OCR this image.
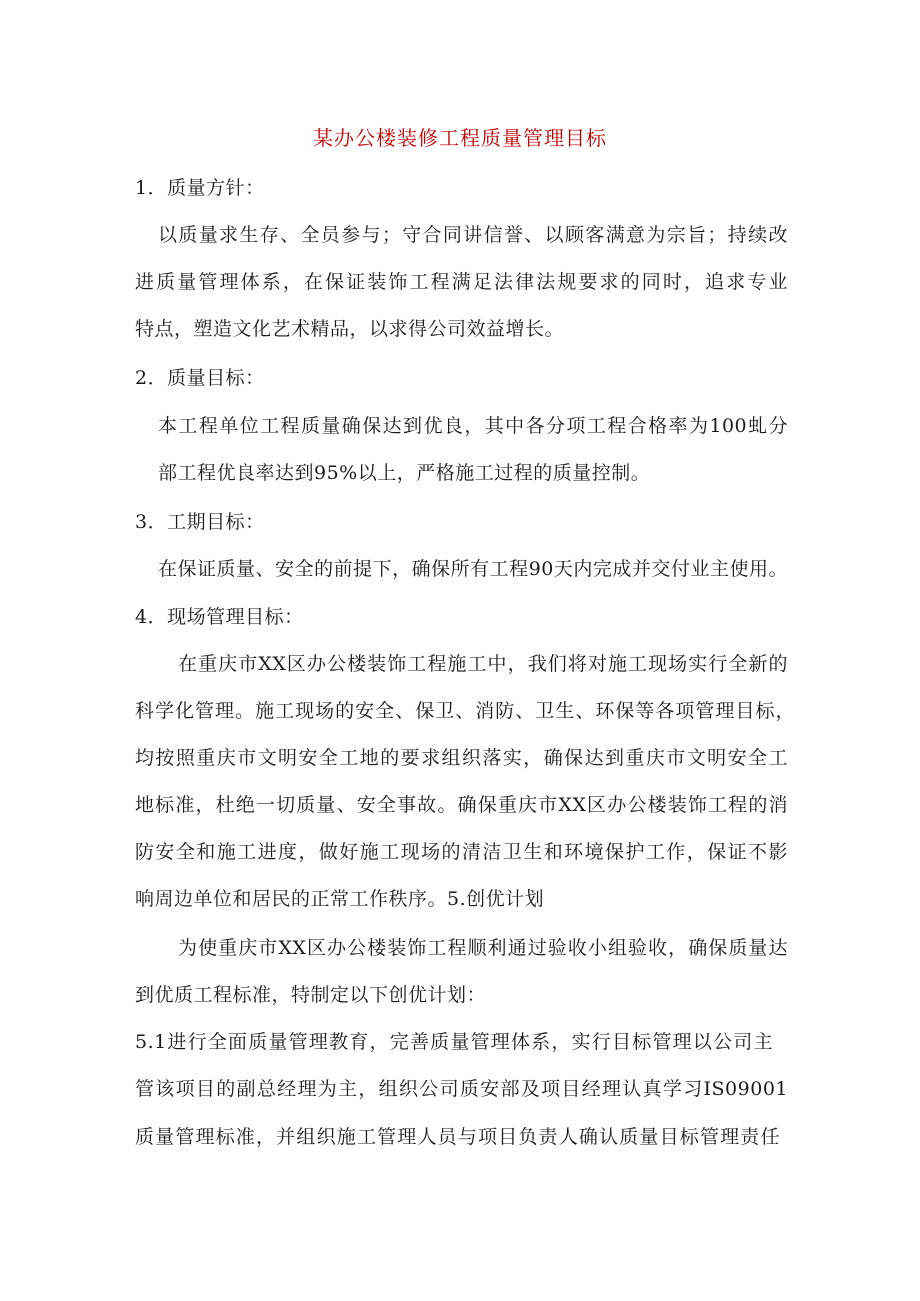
某办公楼装修工程质量管理目标
1．质量方针：
以质量求生存、全员参与；守合同讲信誉、以顾客满意为宗旨；持续改
进质量管理体系，在保证装饰工程满足法律法规要求的同时，追求专业
特点，塑造文化艺术精品，以求得公司效益增长。
2．质量目标：
本工程单位工程质量确保达到优良，其中各分项工程合格率为100虬分
部工程优良率达到95%以上，严格施工过程的质量控制。
3．工期目标：
在保证质量、安全的前提下，确保所有工程90天内完成并交付业主使用。
4．现场管理目标：
在重庆市XX区办公楼装饰工程施工中，我们将对施工现场实行全新的
科学化管理。施工现场的安全、保卫、消防、卫生、环保等各项管理目标，
均按照重庆市文明安全工地的要求组织落实，确保达到重庆市文明安全工
地标准，杜绝一切质量、安全事故。确保重庆市XX区办公楼装饰工程的消
防安全和施工进度，做好施工现场的清洁卫生和环境保护工作，保证不影
响周边单位和居民的正常工作秩序。5.创优计划
为使重庆市XX区办公楼装饰工程顺利通过验收小组验收，确保质量达
到优质工程标准，特制定以下创优计划：
5.1进行全面质量管理教育，完善质量管理体系，实行目标管理以公司主
管该项目的副总经理为主，组织公司质安部及项目经理认真学习IS09001
质量管理标准，并组织施工管理人员与项目负责人确认质量目标管理责任
